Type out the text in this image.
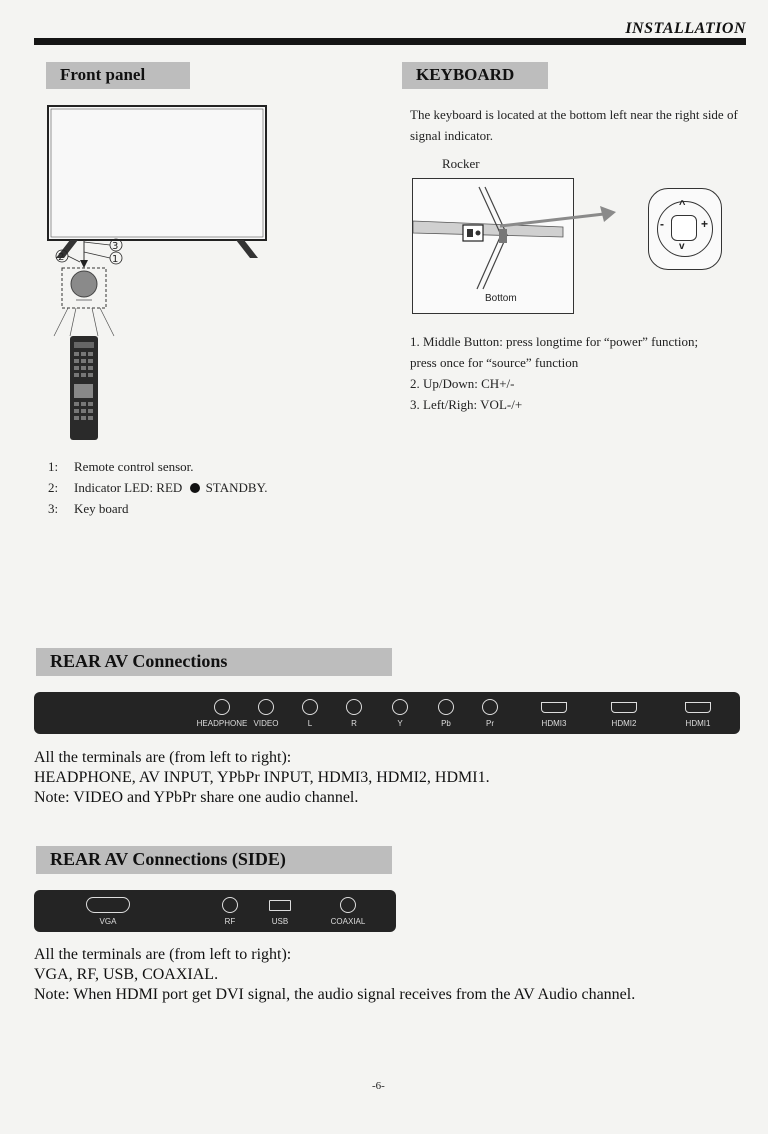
INSTALLATION
Front panel
3
1
2
1: Remote control sensor.
2: Indicator LED: RED STANDBY.
3: Key board
KEYBOARD
The keyboard is located at the bottom left near the right side of signal indicator.
Rocker
Bottom
^
v
-	+
1. Middle Button: press longtime for “power” function;
press once for “source” function
2. Up/Down: CH+/-
3. Left/Righ: VOL-/+
REAR AV Connections
HEADPHONE VIDEO	L	R	Y	Pb	Pr	HDMI3	HDMI2	HDMI1
All the terminals are (from left to right):
HEADPHONE, AV INPUT, YPbPr INPUT, HDMI3, HDMI2, HDMI1.
Note: VIDEO and YPbPr share one audio channel.
REAR AV Connections (SIDE)
VGA	RF	USB	COAXIAL
All the terminals are (from left to right):
VGA, RF, USB, COAXIAL.
Note: When HDMI port get DVI signal, the audio signal receives from the AV Audio channel.
-6-
